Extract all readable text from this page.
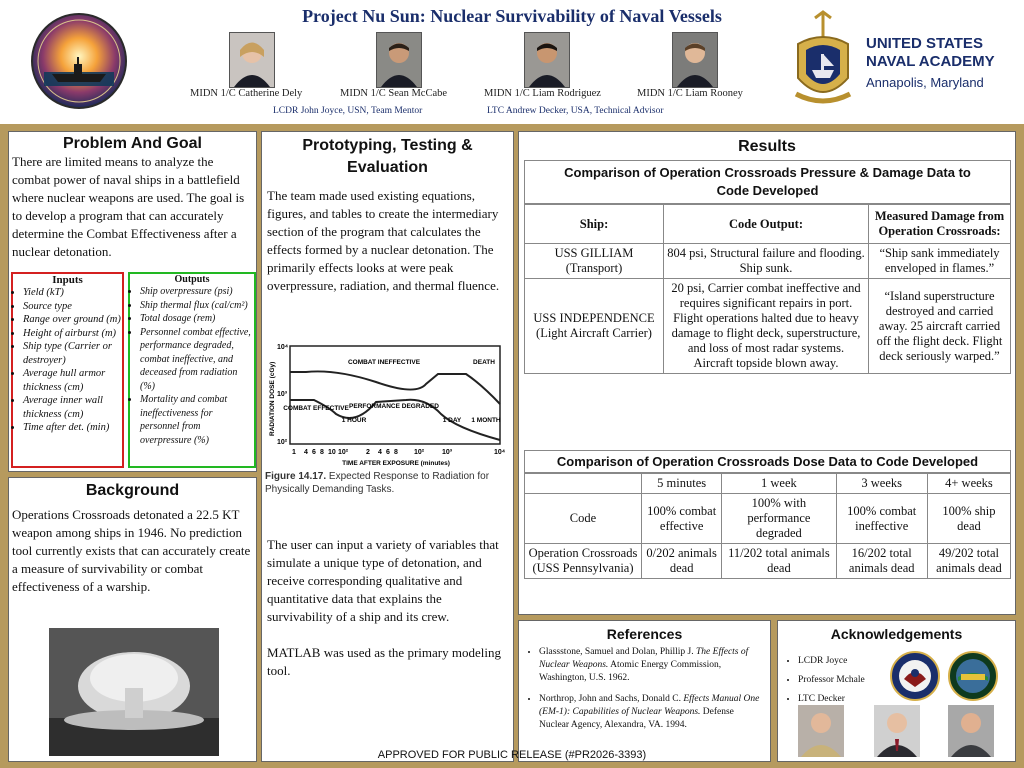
Project Nu Sun: Nuclear Survivability of Naval Vessels
MIDN 1/C Catherine Dely	MIDN 1/C Sean McCabe	MIDN 1/C Liam Rodriguez	MIDN 1/C Liam Rooney
LCDR John Joyce, USN, Team Mentor	LTC Andrew Decker, USA, Technical Advisor
UNITED STATES
NAVAL ACADEMY
Annapolis, Maryland
Problem And Goal
There are limited means to analyze the combat power of naval ships in a battlefield where nuclear weapons are used. The goal is to develop a program that can accurately determine the Combat Effectiveness after a nuclear detonation.
Inputs
• Yield (kT)
• Source type
• Range over ground (m)
• Height of airburst (m)
• Ship type (Carrier or destroyer)
• Average hull armor thickness (cm)
• Average inner wall thickness (cm)
• Time after det. (min)
Outputs
• Ship overpressure (psi)
• Ship thermal flux (cal/cm²)
• Total dosage (rem)
• Personnel combat effective, performance degraded, combat ineffective, and deceased from radiation (%)
• Mortality and combat ineffectiveness for personnel from overpressure (%)
Background
Operations Crossroads detonated a 22.5 KT weapon among ships in 1946. No prediction tool currently exists that can accurately create a measure of survivability or combat effectiveness of a warship.
Prototyping, Testing & Evaluation
The team made used existing equations, figures, and tables to create the intermediary section of the program that calculates the effects formed by a nuclear detonation. The primarily effects looks at were peak overpressure, radiation, and thermal fluence.
RADIATION DOSE (cGy)
10⁴
10³
10²
COMBAT INEFFECTIVE	DEATH
COMBAT EFFECTIVE PERFORMANCE DEGRADED
1 HOUR	1 DAY 1 MONTH
1 4 6 8 10 10²	2 4 6 8 10²	10³	10⁴
TIME AFTER EXPOSURE (minutes)
Figure 14.17. Expected Response to Radiation for Physically Demanding Tasks.
The user can input a variety of variables that simulate a unique type of detonation, and receive corresponding qualitative and quantitative data that explains the survivability of a ship and its crew.
MATLAB was used as the primary modeling tool.
Results
Comparison of Operation Crossroads Pressure & Damage Data to Code Developed
Ship:	Code Output:	Measured Damage from Operation Crossroads:
USS GILLIAM (Transport)	804 psi, Structural failure and flooding. Ship sunk.	“Ship sank immediately enveloped in flames.”
USS INDEPENDENCE (Light Aircraft Carrier)	20 psi, Carrier combat ineffective and requires significant repairs in port. Flight operations halted due to heavy damage to flight deck, superstructure, and loss of most radar systems. Aircraft topside blown away.	“Island superstructure destroyed and carried away. 25 aircraft carried off the flight deck. Flight deck seriously warped.”
Comparison of Operation Crossroads Dose Data to Code Developed
	5 minutes	1 week	3 weeks	4+ weeks
Code	100% combat effective	100% with performance degraded	100% combat ineffective	100% ship dead
Operation Crossroads (USS Pennsylvania)	0/202 animals dead	11/202 total animals dead	16/202 total animals dead	49/202 total animals dead
References
• Glassstone, Samuel and Dolan, Phillip J. The Effects of Nuclear Weapons. Atomic Energy Commission, Washington, U.S. 1962.
• Northrop, John and Sachs, Donald C. Effects Manual One (EM-1): Capabilities of Nuclear Weapons. Defense Nuclear Agency, Alexandra, VA. 1994.
Acknowledgements
• LCDR Joyce
• Professor Mchale
• LTC Decker
APPROVED FOR PUBLIC RELEASE (#PR2026-3393)
